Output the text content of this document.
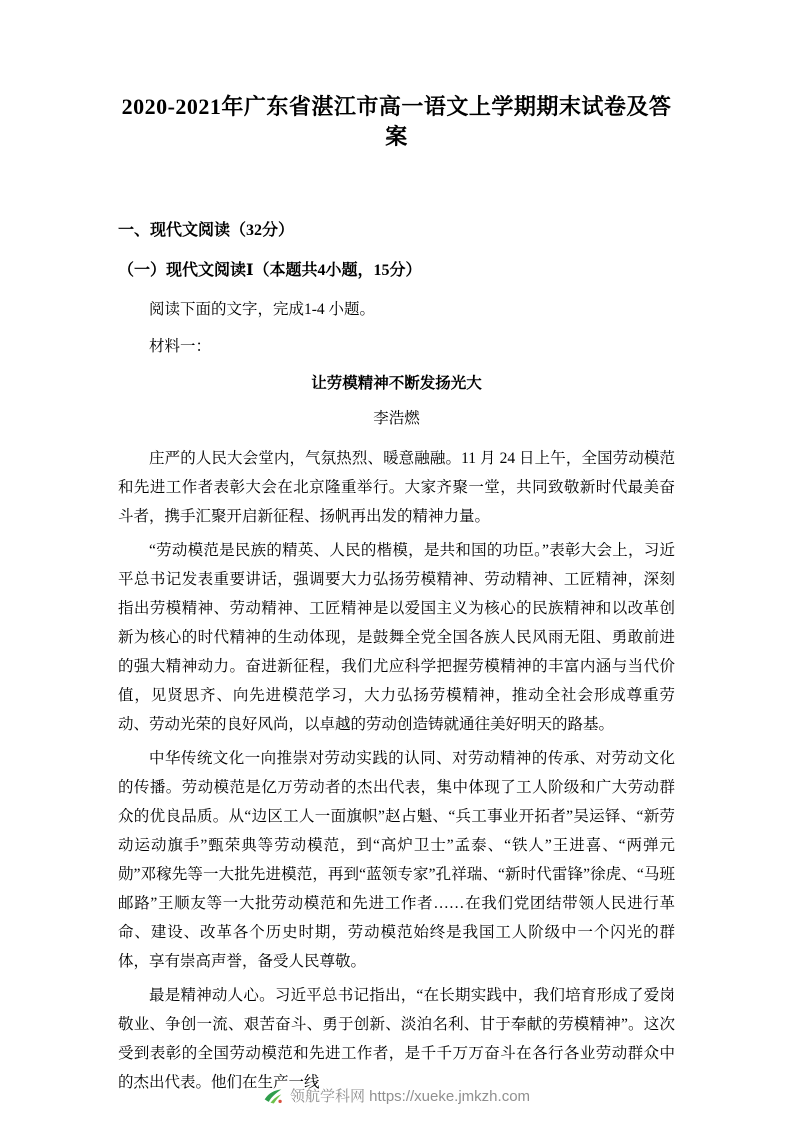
2020-2021年广东省湛江市高一语文上学期期末试卷及答案
一、现代文阅读（32分）
（一）现代文阅读Ⅰ（本题共4小题，15分）
阅读下面的文字，完成1-4 小题。
材料一：
让劳模精神不断发扬光大
李浩燃

庄严的人民大会堂内，气氛热烈、暖意融融。11 月 24 日上午，全国劳动模范和先进工作者表彰大会在北京隆重举行。大家齐聚一堂，共同致敬新时代最美奋斗者，携手汇聚开启新征程、扬帆再出发的精神力量。

“劳动模范是民族的精英、人民的楷模，是共和国的功臣。”表彰大会上，习近平总书记发表重要讲话，强调要大力弘扬劳模精神、劳动精神、工匠精神，深刻指出劳模精神、劳动精神、工匠精神是以爱国主义为核心的民族精神和以改革创新为核心的时代精神的生动体现，是鼓舞全党全国各族人民风雨无阻、勇敢前进的强大精神动力。奋进新征程，我们尤应科学把握劳模精神的丰富内涵与当代价值，见贤思齐、向先进模范学习，大力弘扬劳模精神，推动全社会形成尊重劳动、劳动光荣的良好风尚，以卓越的劳动创造铸就通往美好明天的路基。

中华传统文化一向推崇对劳动实践的认同、对劳动精神的传承、对劳动文化的传播。劳动模范是亿万劳动者的杰出代表，集中体现了工人阶级和广大劳动群众的优良品质。从“边区工人一面旗帜”赵占魁、“兵工事业开拓者”吴运铎、“新劳动运动旗手”甄荣典等劳动模范，到“高炉卫士”孟泰、“铁人”王进喜、“两弹元勋”邓稼先等一大批先进模范，再到“蓝领专家”孔祥瑞、“新时代雷锋”徐虎、“马班邮路”王顺友等一大批劳动模范和先进工作者……在我们党团结带领人民进行革命、建设、改革各个历史时期，劳动模范始终是我国工人阶级中一个闪光的群体，享有崇高声誉，备受人民尊敬。

最是精神动人心。习近平总书记指出，“在长期实践中，我们培育形成了爱岗敬业、争创一流、艰苦奋斗、勇于创新、淡泊名利、甘于奉献的劳模精神”。这次受到表彰的全国劳动模范和先进工作者，是千千万万奋斗在各行各业劳动群众中的杰出代表。他们在生产一线

领航学科网 https://xueke.jmkzh.com
